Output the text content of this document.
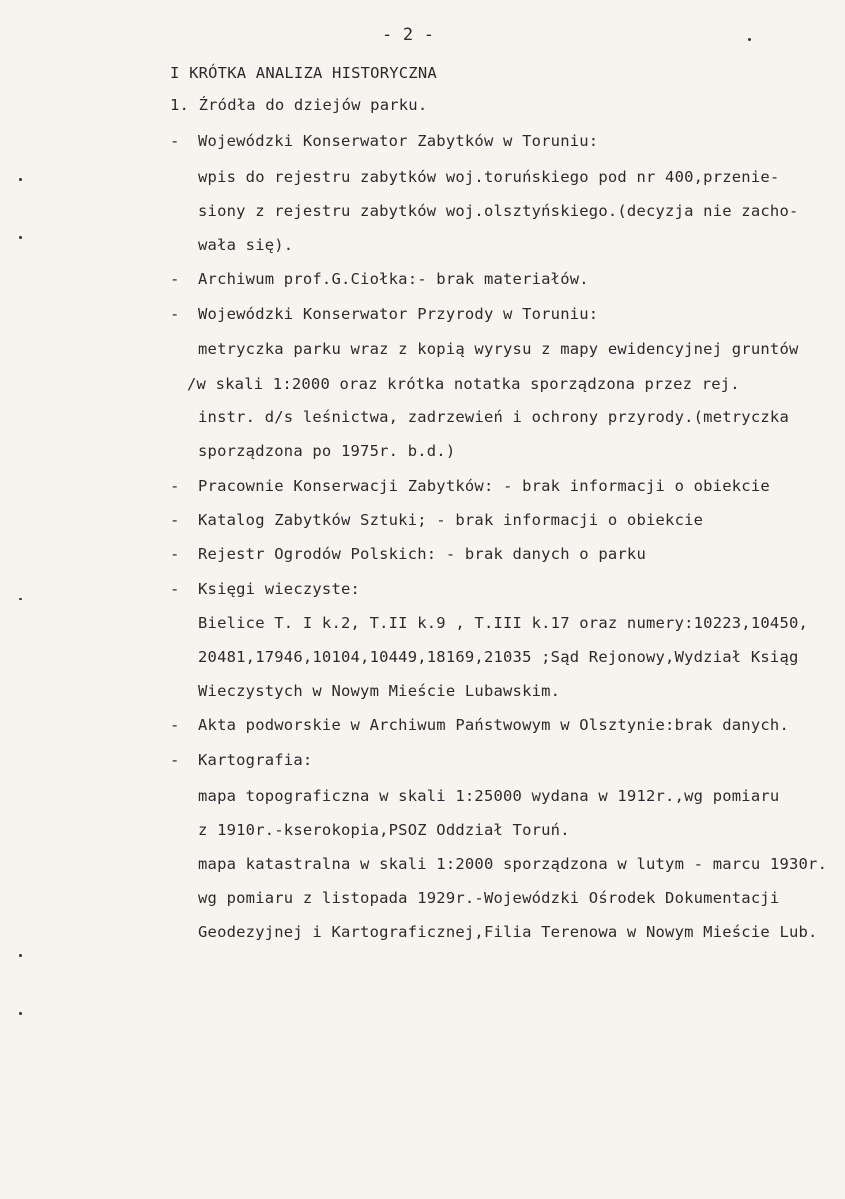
- 2 -
I KRÓTKA ANALIZA HISTORYCZNA
1. Źródła do dziejów parku.
- Wojewódzki Konserwator Zabytków w Toruniu:
wpis do rejestru zabytków woj.toruńskiego pod nr 400,przenie-
siony z rejestru zabytków woj.olsztyńskiego.(decyzja nie zacho-
wała się).
- Archiwum prof.G.Ciołka:- brak materiałów.
- Wojewódzki Konserwator Przyrody w Toruniu:
metryczka parku wraz z kopią wyrysu z mapy ewidencyjnej gruntów
/w skali 1:2000 oraz krótka notatka sporządzona przez rej.
instr. d/s leśnictwa, zadrzewień i ochrony przyrody.(metryczka
sporządzona po 1975r. b.d.)
- Pracownie Konserwacji Zabytków: - brak informacji o obiekcie
- Katalog Zabytków Sztuki; - brak informacji o obiekcie
- Rejestr Ogrodów Polskich: - brak danych o parku
- Księgi wieczyste:
Bielice T. I k.2, T.II k.9 , T.III k.17 oraz numery:10223,10450,
20481,17946,10104,10449,18169,21035 ;Sąd Rejonowy,Wydział Ksiąg
Wieczystych w Nowym Mieście Lubawskim.
- Akta podworskie w Archiwum Państwowym w Olsztynie:brak danych.
- Kartografia:
mapa topograficzna w skali 1:25000 wydana w 1912r.,wg pomiaru
z 1910r.-kserokopia,PSOZ Oddział Toruń.
mapa katastralna w skali 1:2000 sporządzona w lutym - marcu 1930r.
wg pomiaru z listopada 1929r.-Wojewódzki Ośrodek Dokumentacji
Geodezyjnej i Kartograficznej,Filia Terenowa w Nowym Mieście Lub.
